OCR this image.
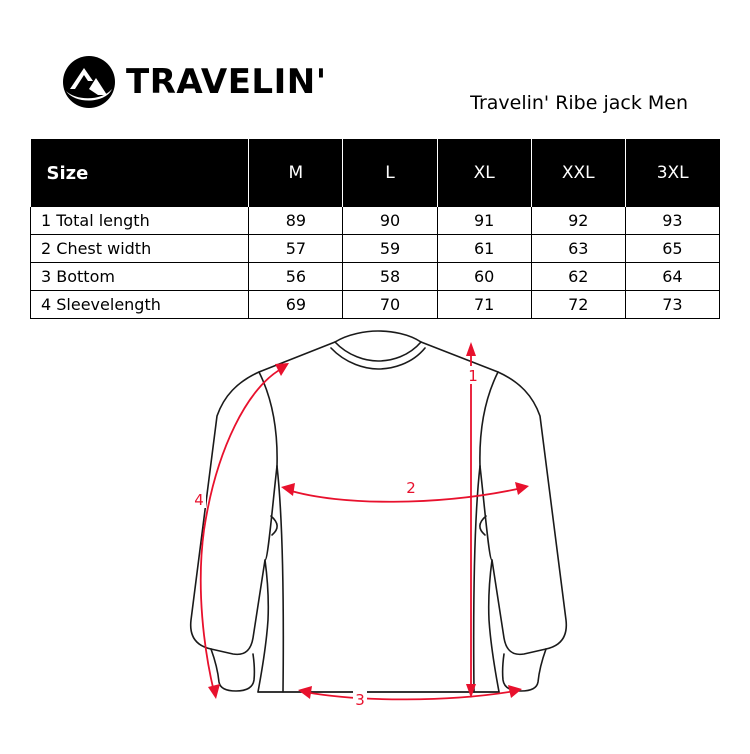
TRAVELIN'
Travelin' Ribe jack Men
Size	M	L	XL	XXL	3XL
1 Total length	89	90	91	92	93
2 Chest width	57	59	61	63	65
3 Bottom	56	58	60	62	64
4 Sleevelength	69	70	71	72	73
1
2
3
4
